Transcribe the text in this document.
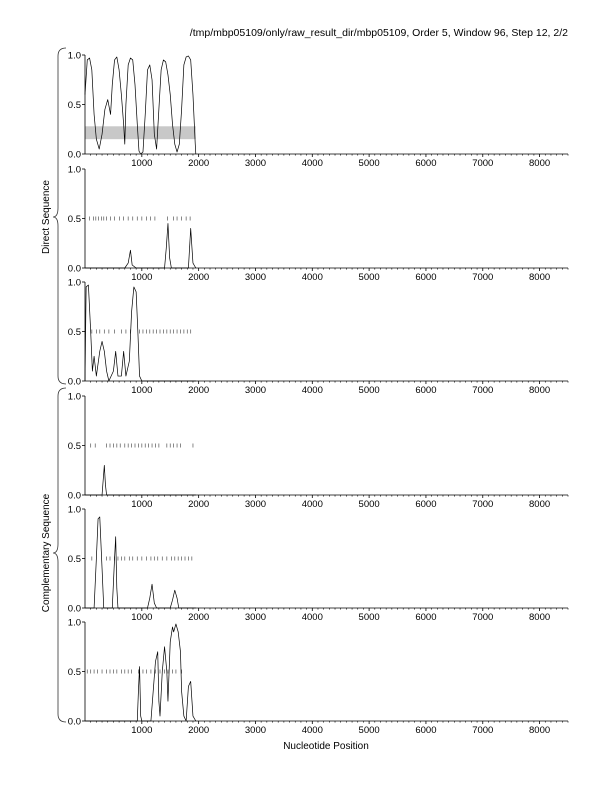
/tmp/mbp05109/only/raw_result_dir/mbp05109, Order 5, Window 96, Step 12, 2/2
Nucleotide Position
Direct Sequence
Complementary Sequence
0.0
0.5
1.0
1000	2000	3000	4000	5000	6000	7000	8000
0.0
0.5
1.0
1000	2000	3000	4000	5000	6000	7000	8000
0.0
0.5
1.0
1000	2000	3000	4000	5000	6000	7000	8000
0.0
0.5
1.0
1000	2000	3000	4000	5000	6000	7000	8000
0.0
0.5
1.0
1000	2000	3000	4000	5000	6000	7000	8000
0.0
0.5
1.0
1000	2000	3000	4000	5000	6000	7000	8000
